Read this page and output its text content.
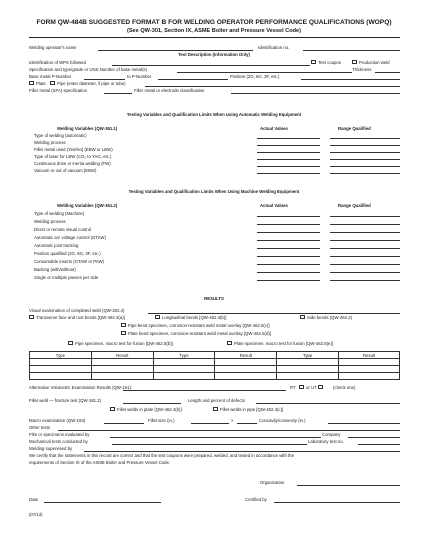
FORM QW-484B SUGGESTED FORMAT B FOR WELDING OPERATOR PERFORMANCE QUALIFICATIONS (WOPQ)
(See QW-301, Section IX, ASME Boiler and Pressure Vessel Code)
Welding operator's name	Identification no.
Test Description (Information Only)
Identification of WPS followed	Test coupon	Production weld
Specification and type/grade or UNS Number of base metal(s)	Thickness
Base metal P-Number	to P-Number	Position (2G, 6G, 3F, etc.)
Plate	Pipe (enter diameter, if pipe or tube)
Filler metal (SFA) specification	Filler metal or electrode classification
Testing Variables and Qualification Limits When Using Automatic Welding Equipment
Welding Variables (QW-361.1)	Actual Values	Range Qualified
Type of welding (automatic)
Welding process
Filler metal used (Yes/No) (EBW or LBW)
Type of laser for LBW (CO₂ to YAG, etc.)
Continuous drive or inertia welding (FW)
Vacuum or out of vacuum (EBW)
Testing Variables and Qualification Limits When Using Machine Welding Equipment
Welding Variables (QW-361.2)	Actual Values	Range Qualified
Type of welding (Machine)
Welding process
Direct or remote visual control
Automatic arc voltage control (GTAW)
Automatic joint tracking
Position qualified (2G, 6G, 3F, etc.)
Consumable inserts (GTAW or PAW)
Backing (with/without)
Single or multiple passes per side
RESULTS
Visual examination of completed weld (QW-302.4)
Transverse face and root bends [QW-462.3(a)]	Longitudinal bends [QW-462.3(b)]	Side bends (QW-462.2)
Pipe bend specimen, corrosion-resistant weld metal overlay [QW-462.5(c)]
Plate bend specimen, corrosion-resistant weld metal overlay [QW-462.5(d)]
Pipe specimen, macro test for fusion [QW-462.5(b)]	Plate specimen, macro test for fusion [QW-462.5(e)]
Type	Result	Type	Result	Type	Result

Alternative Volumetric Examination Results (QW-191):	RT or UT	(check one)
Fillet weld — fracture test (QW-181.2)	Length and percent of defects
Fillet welds in plate [QW-462.4(b)]	Fillet welds in pipe [QW-462.4(c)]
Macro examination (QW-184)	Fillet size (in.)	×	Concavity/convexity (in.)
Other tests
Film or specimens evaluated by	Company
Mechanical tests conducted by	Laboratory test no.
Welding supervised by
We certify that the statements in this record are correct and that the test coupons were prepared, welded, and tested in accordance with the
requirements of Section IX of the ASME Boiler and Pressure Vessel Code.
Organization
Date	Certified by
(07/13)
